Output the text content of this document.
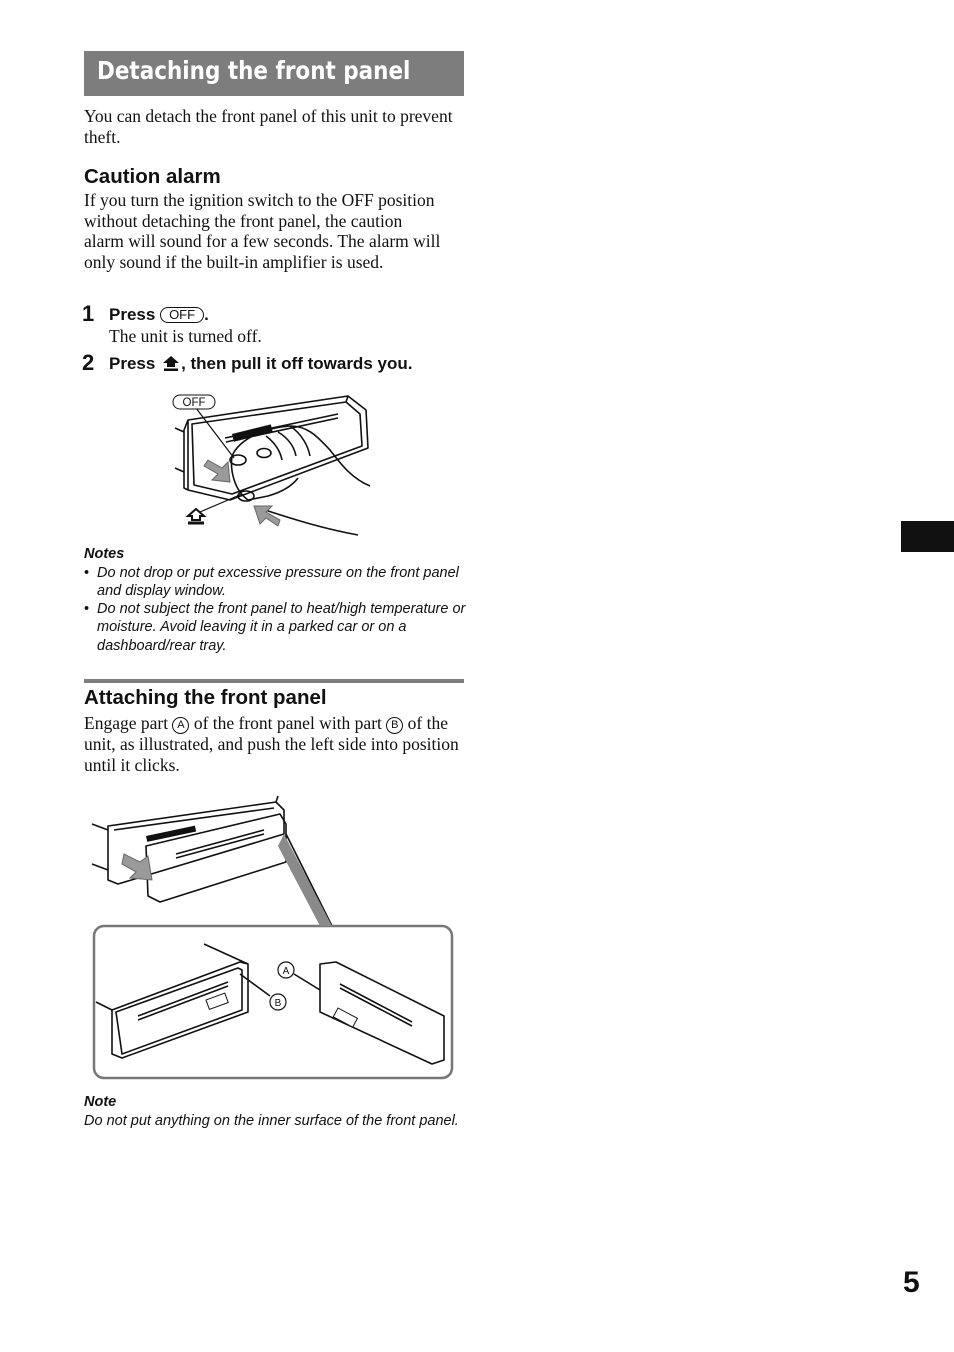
Detaching the front panel
You can detach the front panel of this unit to prevent theft.
Caution alarm
If you turn the ignition switch to the OFF position without detaching the front panel, the caution alarm will sound for a few seconds. The alarm will only sound if the built-in amplifier is used.
1 Press OFF .
The unit is turned off.
2 Press , then pull it off towards you.
OFF
Notes
• Do not drop or put excessive pressure on the front panel and display window.
• Do not subject the front panel to heat/high temperature or moisture. Avoid leaving it in a parked car or on a dashboard/rear tray.
Attaching the front panel
Engage part A of the front panel with part B of the unit, as illustrated, and push the left side into position until it clicks.
A
B
Note
Do not put anything on the inner surface of the front panel.
5
